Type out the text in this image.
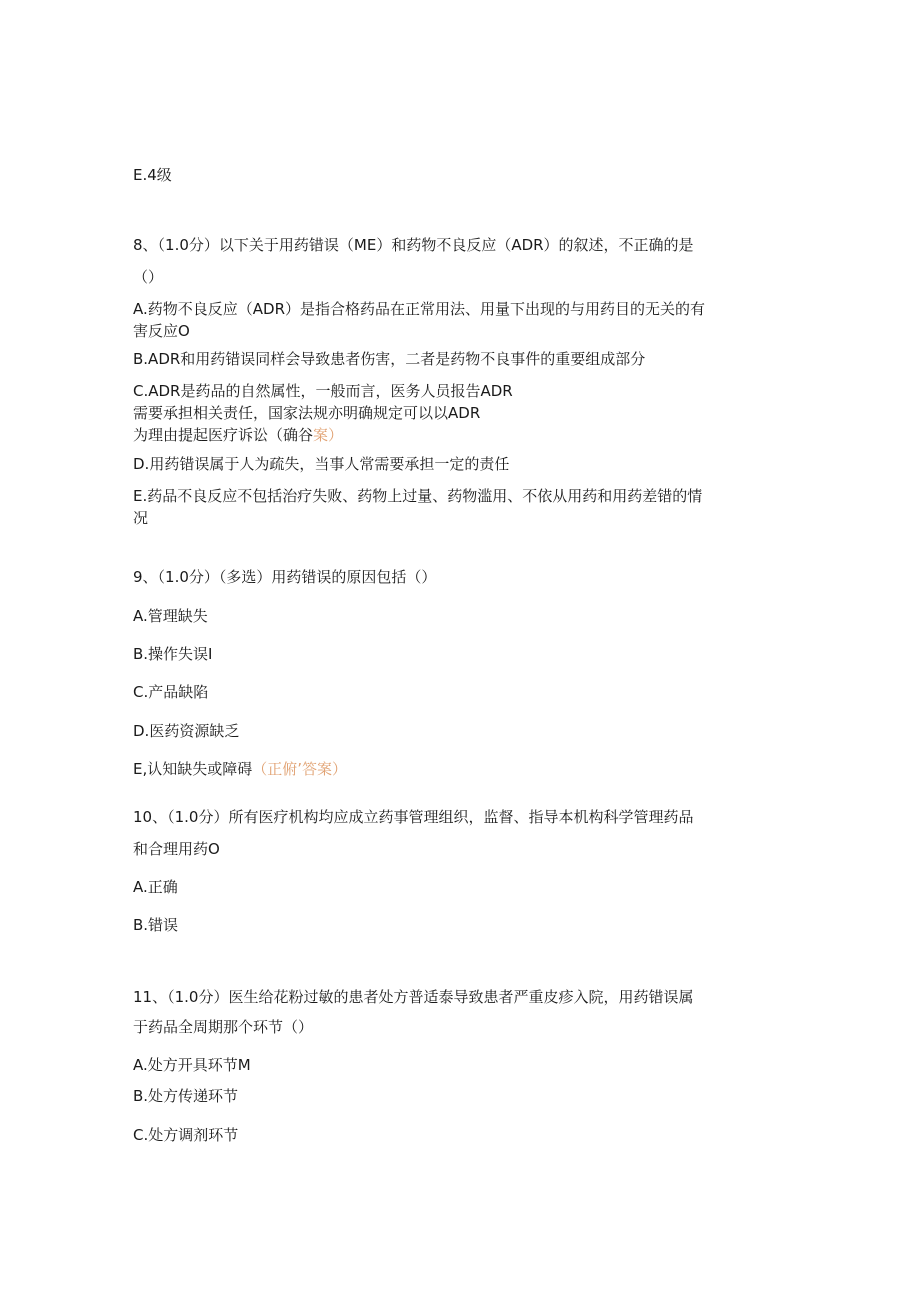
E.4级
8、（1.0分）以下关于用药错误（ME）和药物不良反应（ADR）的叙述，不正确的是
（）
A.药物不良反应（ADR）是指合格药品在正常用法、用量下出现的与用药目的无关的有
害反应O
B.ADR和用药错误同样会导致患者伤害，二者是药物不良事件的重要组成部分
C.ADR是药品的自然属性，一般而言，医务人员报告ADR
需要承担相关责任，国家法规亦明确规定可以以ADR
为理由提起医疗诉讼（确谷案）
D.用药错误属于人为疏失，当事人常需要承担一定的责任
E.药品不良反应不包括治疗失败、药物上过量、药物滥用、不依从用药和用药差错的情
况
9、（1.0分）（多选）用药错误的原因包括（）
A.管理缺失
B.操作失误I
C.产品缺陷
D.医药资源缺乏
E,认知缺失或障碍（正俯’答案）
10、（1.0分）所有医疗机构均应成立药事管理组织，监督、指导本机构科学管理药品
和合理用药O
A.正确
B.错误
11、（1.0分）医生给花粉过敏的患者处方普适泰导致患者严重皮疹入院，用药错误属
于药品全周期那个环节（）
A.处方开具环节M
B.处方传递环节
C.处方调剂环节
